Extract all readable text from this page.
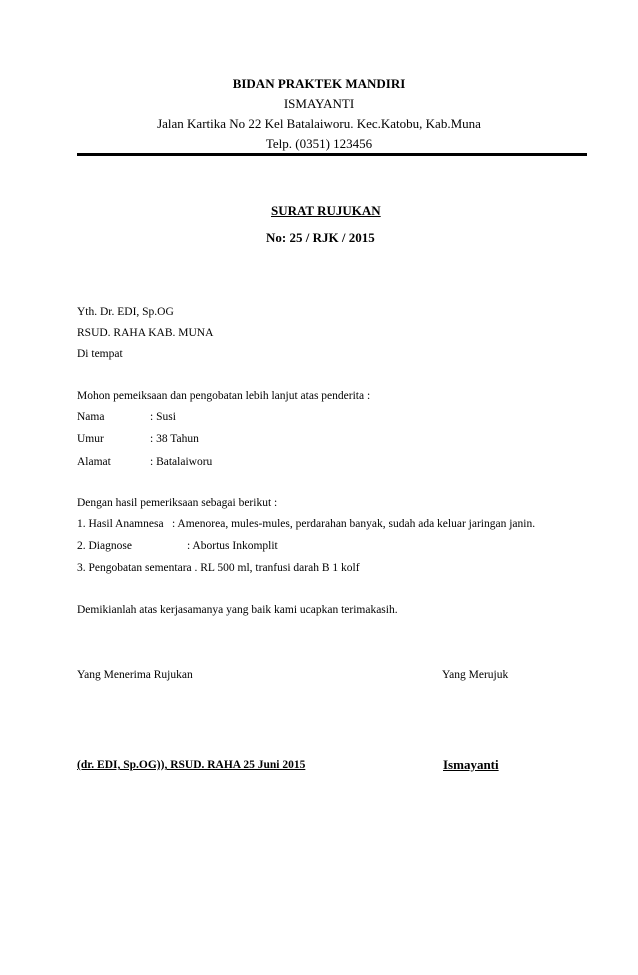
BIDAN PRAKTEK MANDIRI
ISMAYANTI
Jalan Kartika No 22 Kel Batalaiworu. Kec.Katobu, Kab.Muna
Telp. (0351) 123456
SURAT RUJUKAN
No: 25 / RJK / 2015
Yth. Dr. EDI, Sp.OG
RSUD. RAHA KAB. MUNA
Di tempat
Mohon pemeiksaan dan pengobatan lebih lanjut atas penderita :
Nama	: Susi
Umur	: 38 Tahun
Alamat	: Batalaiworu
Dengan hasil pemeriksaan sebagai berikut :
1. Hasil Anamnesa : Amenorea, mules-mules, perdarahan banyak, sudah ada keluar jaringan janin.
2. Diagnose	: Abortus Inkomplit
3. Pengobatan sementara . RL 500 ml, tranfusi darah B 1 kolf
Demikianlah atas kerjasamanya yang baik kami ucapkan terimakasih.
Yang Menerima Rujukan	Yang Merujuk
(dr. EDI, Sp.OG)), RSUD. RAHA 25 Juni 2015	Ismayanti
